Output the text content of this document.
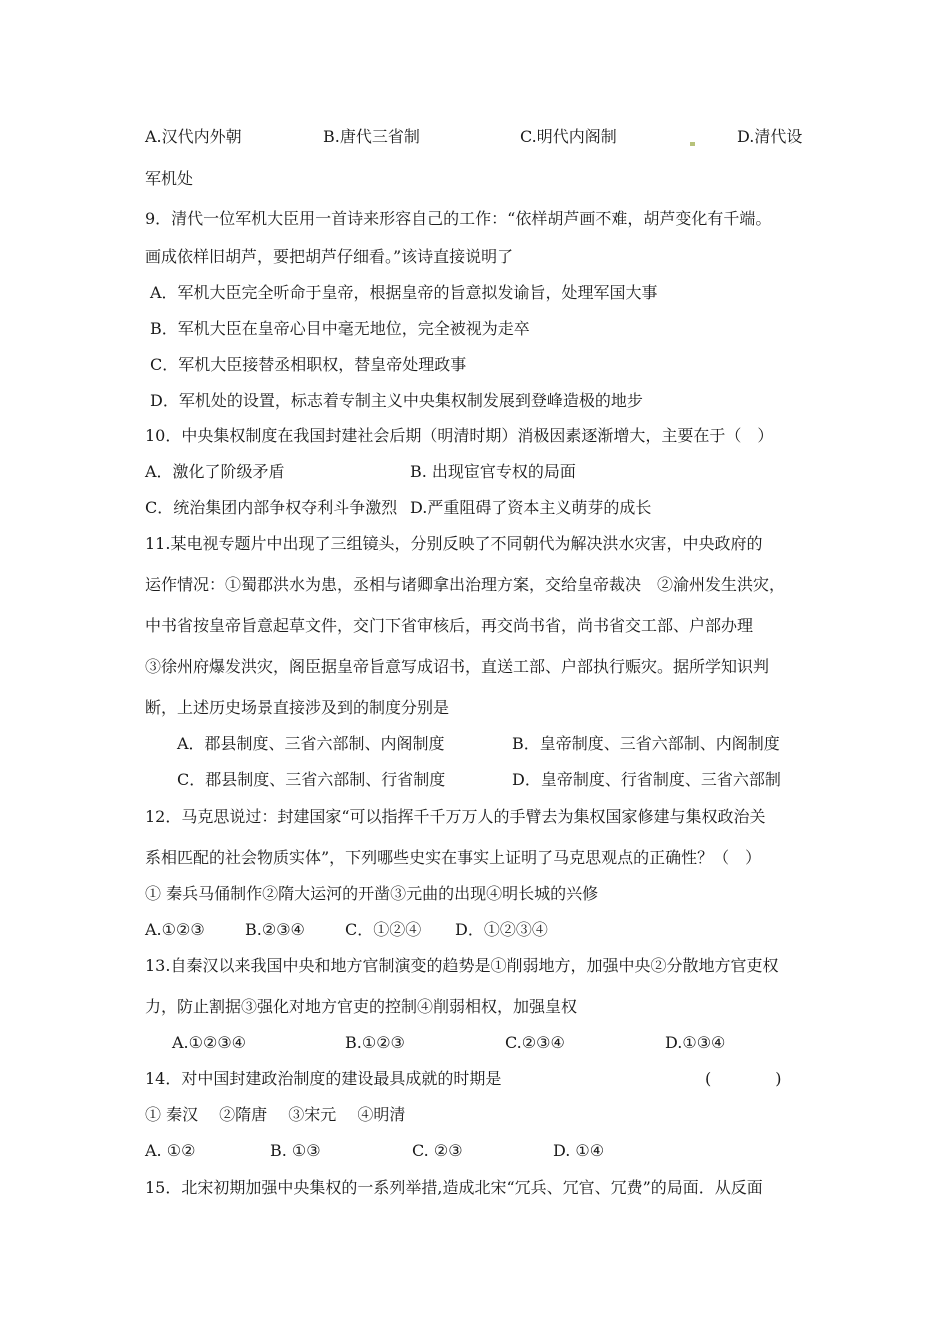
A.汉代内外朝	B.唐代三省制	C.明代内阁制	D.清代设
军机处
9．清代一位军机大臣用一首诗来形容自己的工作：“依样胡芦画不难，胡芦变化有千端。
画成依样旧胡芦，要把胡芦仔细看。”该诗直接说明了
A．军机大臣完全听命于皇帝，根据皇帝的旨意拟发谕旨，处理军国大事
B．军机大臣在皇帝心目中毫无地位，完全被视为走卒
C．军机大臣接替丞相职权，替皇帝处理政事
D．军机处的设置，标志着专制主义中央集权制发展到登峰造极的地步
10．中央集权制度在我国封建社会后期（明清时期）消极因素逐渐增大，主要在于（　）
A．激化了阶级矛盾	B. 出现宦官专权的局面
C．统治集团内部争权夺利斗争激烈 D.严重阻碍了资本主义萌芽的成长
11.某电视专题片中出现了三组镜头，分别反映了不同朝代为解决洪水灾害，中央政府的
运作情况：①蜀郡洪水为患，丞相与诸卿拿出治理方案，交给皇帝裁决　②渝州发生洪灾，
中书省按皇帝旨意起草文件，交门下省审核后，再交尚书省，尚书省交工部、户部办理
③徐州府爆发洪灾，阁臣据皇帝旨意写成诏书，直送工部、户部执行赈灾。据所学知识判
断，上述历史场景直接涉及到的制度分别是
A．郡县制度、三省六部制、内阁制度	B．皇帝制度、三省六部制、内阁制度
C．郡县制度、三省六部制、行省制度	D．皇帝制度、行省制度、三省六部制
12．马克思说过：封建国家“可以指挥千千万万人的手臂去为集权国家修建与集权政治关
系相匹配的社会物质实体”，下列哪些史实在事实上证明了马克思观点的正确性？（　）
① 秦兵马俑制作②隋大运河的开凿③元曲的出现④明长城的兴修
A.①②③	B.②③④	C．①②④ D．①②③④
13.自秦汉以来我国中央和地方官制演变的趋势是①削弱地方，加强中央②分散地方官吏权
力，防止割据③强化对地方官吏的控制④削弱相权，加强皇权
A.①②③④	B.①②③	C.②③④	D.①③④
14．对中国封建政治制度的建设最具成就的时期是	(　　　　)
① 秦汉　 ②隋唐　 ③宋元　 ④明清
A. ①②	B. ①③	C. ②③	D. ①④
15．北宋初期加强中央集权的一系列举措,造成北宋“冗兵、冗官、冗费”的局面．从反面
